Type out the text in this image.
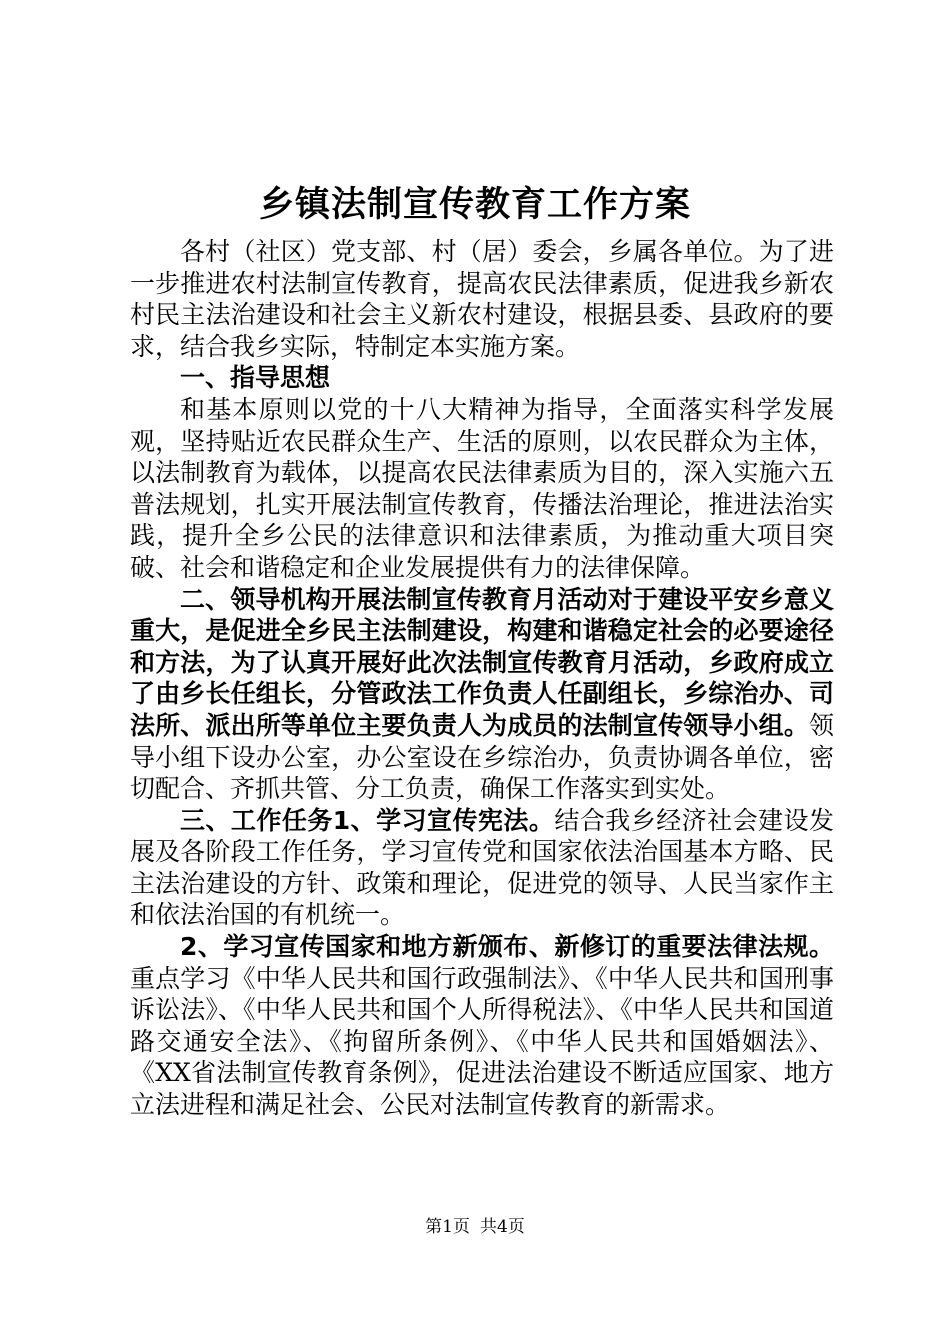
乡镇法制宣传教育工作方案

各村（社区）党支部、村（居）委会，乡属各单位。为了进一步推进农村法制宣传教育，提高农民法律素质，促进我乡新农村民主法治建设和社会主义新农村建设，根据县委、县政府的要求，结合我乡实际，特制定本实施方案。

一、指导思想

和基本原则以党的十八大精神为指导，全面落实科学发展观，坚持贴近农民群众生产、生活的原则，以农民群众为主体，以法制教育为载体，以提高农民法律素质为目的，深入实施六五普法规划，扎实开展法制宣传教育，传播法治理论，推进法治实践，提升全乡公民的法律意识和法律素质，为推动重大项目突破、社会和谐稳定和企业发展提供有力的法律保障。

二、领导机构开展法制宣传教育月活动对于建设平安乡意义重大，是促进全乡民主法制建设，构建和谐稳定社会的必要途径和方法，为了认真开展好此次法制宣传教育月活动，乡政府成立了由乡长任组长，分管政法工作负责人任副组长，乡综治办、司法所、派出所等单位主要负责人为成员的法制宣传领导小组。领导小组下设办公室，办公室设在乡综治办，负责协调各单位，密切配合、齐抓共管、分工负责，确保工作落实到实处。

三、工作任务1、学习宣传宪法。结合我乡经济社会建设发展及各阶段工作任务，学习宣传党和国家依法治国基本方略、民主法治建设的方针、政策和理论，促进党的领导、人民当家作主和依法治国的有机统一。

2、学习宣传国家和地方新颁布、新修订的重要法律法规。重点学习《中华人民共和国行政强制法》、《中华人民共和国刑事诉讼法》、《中华人民共和国个人所得税法》、《中华人民共和国道路交通安全法》、《拘留所条例》、《中华人民共和国婚姻法》、《XX省法制宣传教育条例》，促进法治建设不断适应国家、地方立法进程和满足社会、公民对法制宣传教育的新需求。

第1页 共4页
